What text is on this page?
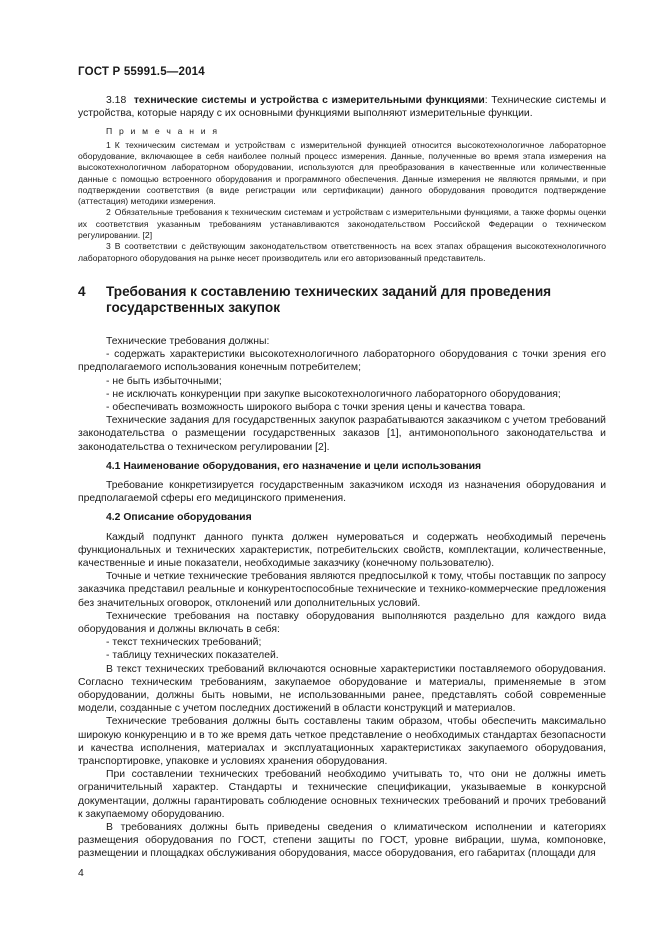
ГОСТ Р 55991.5—2014

3.18 технические системы и устройства с измерительными функциями: Технические системы и устройства, которые наряду с их основными функциями выполняют измерительные функции.

П р и м е ч а н и я

1 К техническим системам и устройствам с измерительной функцией относится высокотехнологичное лабораторное оборудование, включающее в себя наиболее полный процесс измерения. Данные, полученные во время этапа измерения на высокотехнологичном лабораторном оборудовании, используются для преобразования в качественные или количественные данные с помощью встроенного оборудования и программного обеспечения. Данные измерения не являются прямыми, и при подтверждении соответствия (в виде регистрации или сертификации) данного оборудования проводится подтверждение (аттестация) методики измерения.

2 Обязательные требования к техническим системам и устройствам с измерительными функциями, а также формы оценки их соответствия указанным требованиям устанавливаются законодательством Российской Федерации о техническом регулировании. [2]

3 В соответствии с действующим законодательством ответственность на всех этапах обращения высокотехнологичного лабораторного оборудования на рынке несет производитель или его авторизованный представитель.

4	Требования к составлению технических заданий для проведения государственных закупок

Технические требования должны:

- содержать характеристики высокотехнологичного лабораторного оборудования с точки зрения его предполагаемого использования конечным потребителем;

- не быть избыточными;

- не исключать конкуренции при закупке высокотехнологичного лабораторного оборудования;

- обеспечивать возможность широкого выбора с точки зрения цены и качества товара.

Технические задания для государственных закупок разрабатываются заказчиком с учетом требований законодательства о размещении государственных заказов [1], антимонопольного законодательства и законодательства о техническом регулировании [2].

4.1 Наименование оборудования, его назначение и цели использования

Требование конкретизируется государственным заказчиком исходя из назначения оборудования и предполагаемой сферы его медицинского применения.

4.2 Описание оборудования

Каждый подпункт данного пункта должен нумероваться и содержать необходимый перечень функциональных и технических характеристик, потребительских свойств, комплектации, количественные, качественные и иные показатели, необходимые заказчику (конечному пользователю).

Точные и четкие технические требования являются предпосылкой к тому, чтобы поставщик по запросу заказчика представил реальные и конкурентоспособные технические и технико-коммерческие предложения без значительных оговорок, отклонений или дополнительных условий.

Технические требования на поставку оборудования выполняются раздельно для каждого вида оборудования и должны включать в себя:

- текст технических требований;

- таблицу технических показателей.

В текст технических требований включаются основные характеристики поставляемого оборудования. Согласно техническим требованиям, закупаемое оборудование и материалы, применяемые в этом оборудовании, должны быть новыми, не использованными ранее, представлять собой современные модели, созданные с учетом последних достижений в области конструкций и материалов.

Технические требования должны быть составлены таким образом, чтобы обеспечить максимально широкую конкуренцию и в то же время дать четкое представление о необходимых стандартах безопасности и качества исполнения, материалах и эксплуатационных характеристиках закупаемого оборудования, транспортировке, упаковке и условиях хранения оборудования.

При составлении технических требований необходимо учитывать то, что они не должны иметь ограничительный характер. Стандарты и технические спецификации, указываемые в конкурсной документации, должны гарантировать соблюдение основных технических требований и прочих требований к закупаемому оборудованию.

В требованиях должны быть приведены сведения о климатическом исполнении и категориях размещения оборудования по ГОСТ, степени защиты по ГОСТ, уровне вибрации, шума, компоновке, размещении и площадках обслуживания оборудования, массе оборудования, его габаритах (площади для

4
